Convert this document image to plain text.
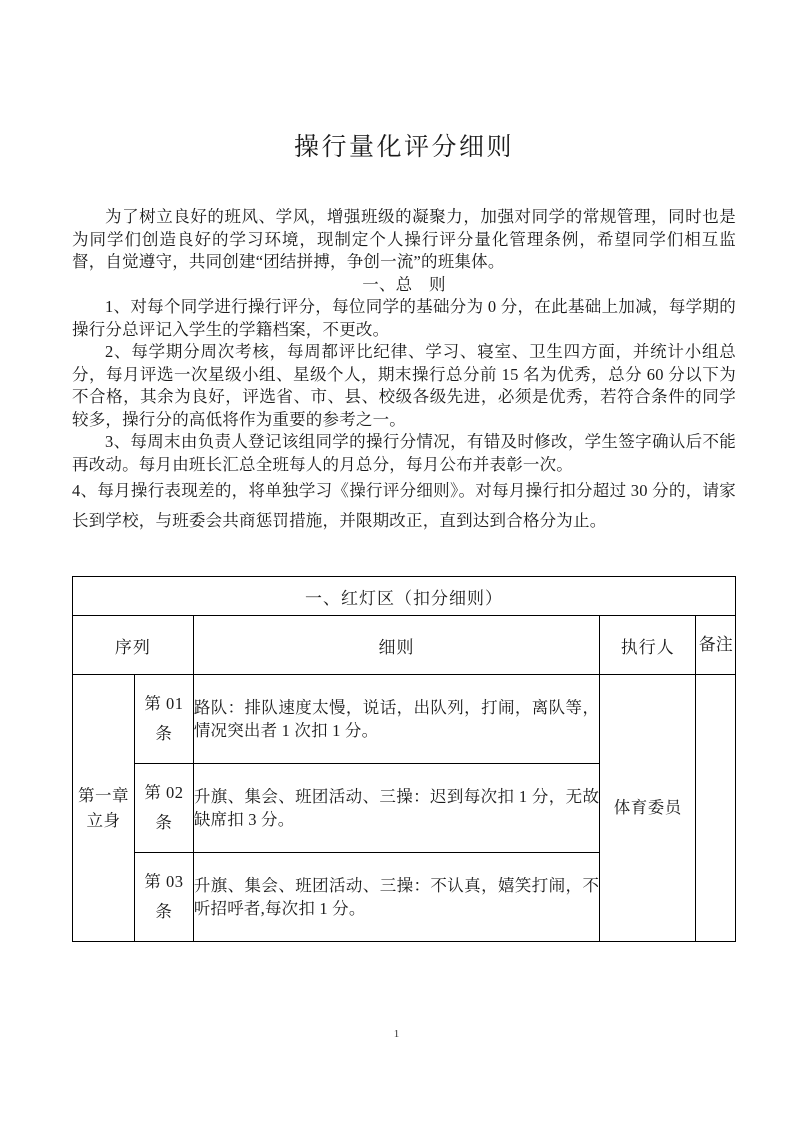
操行量化评分细则

为了树立良好的班风、学风，增强班级的凝聚力，加强对同学的常规管理，同时也是为同学们创造良好的学习环境，现制定个人操行评分量化管理条例，希望同学们相互监督，自觉遵守，共同创建“团结拼搏，争创一流”的班集体。

一、总　则

1、对每个同学进行操行评分，每位同学的基础分为 0 分，在此基础上加减，每学期的操行分总评记入学生的学籍档案，不更改。

2、每学期分周次考核，每周都评比纪律、学习、寝室、卫生四方面，并统计小组总分，每月评选一次星级小组、星级个人，期末操行总分前 15 名为优秀，总分 60 分以下为不合格，其余为良好，评选省、市、县、校级各级先进，必须是优秀，若符合条件的同学较多，操行分的高低将作为重要的参考之一。

3、每周末由负责人登记该组同学的操行分情况，有错及时修改，学生签字确认后不能再改动。每月由班长汇总全班每人的月总分，每月公布并表彰一次。

4、每月操行表现差的，将单独学习《操行评分细则》。对每月操行扣分超过 30 分的，请家长到学校，与班委会共商惩罚措施，并限期改正，直到达到合格分为止。

一、红灯区（扣分细则）				
序列		细则	执行人	备注
第一章 立身	第 01 条	路队：排队速度太慢，说话，出队列，打闹，离队等，情况突出者 1 次扣 1 分。	体育委员	
	第 02 条	升旗、集会、班团活动、三操：迟到每次扣 1 分，无故缺席扣 3 分。		
	第 03 条	升旗、集会、班团活动、三操：不认真，嬉笑打闹，不听招呼者,每次扣 1 分。		
1
